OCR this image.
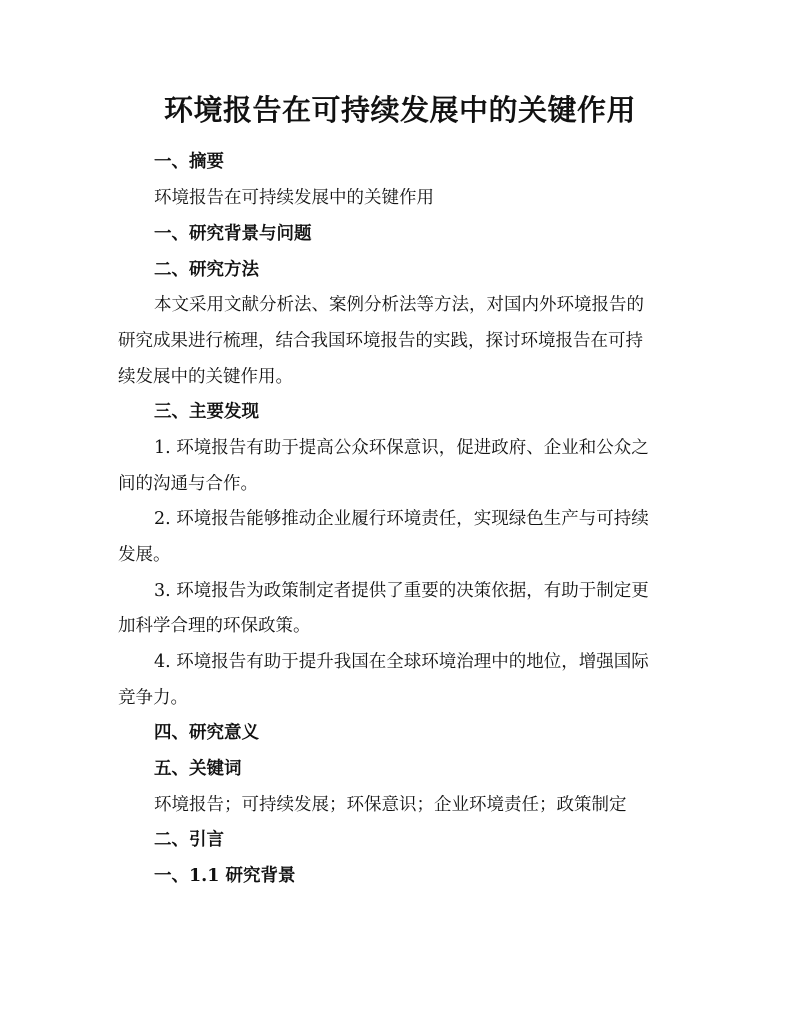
环境报告在可持续发展中的关键作用
一、摘要
环境报告在可持续发展中的关键作用
一、研究背景与问题
二、研究方法
本文采用文献分析法、案例分析法等方法，对国内外环境报告的
研究成果进行梳理，结合我国环境报告的实践，探讨环境报告在可持
续发展中的关键作用。
三、主要发现
1. 环境报告有助于提高公众环保意识，促进政府、企业和公众之
间的沟通与合作。
2. 环境报告能够推动企业履行环境责任，实现绿色生产与可持续
发展。
3. 环境报告为政策制定者提供了重要的决策依据，有助于制定更
加科学合理的环保政策。
4. 环境报告有助于提升我国在全球环境治理中的地位，增强国际
竞争力。
四、研究意义
五、关键词
环境报告；可持续发展；环保意识；企业环境责任；政策制定
二、引言
一、1.1 研究背景
